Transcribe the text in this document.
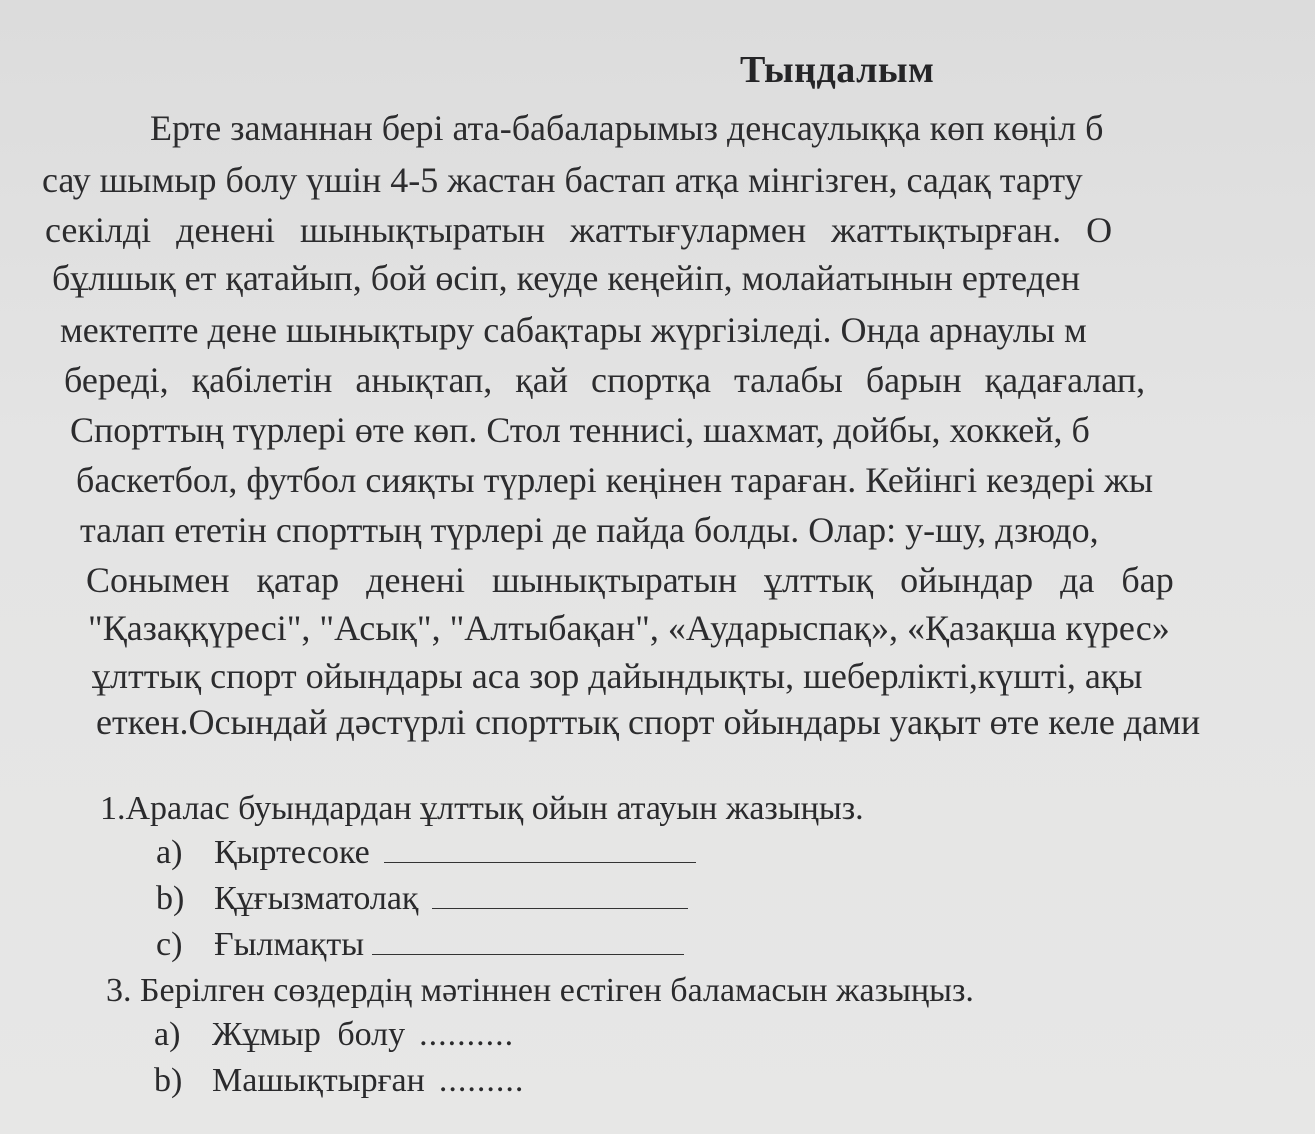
Тыңдалым
Ерте заманнан бері ата-бабаларымыз денсаулыққа көп көңіл б
сау шымыр болу үшін 4-5 жастан бастап атқа мінгізген, садақ тарту
секілді денені шынықтыратын жаттығулармен жаттықтырған. О
бұлшық ет қатайып, бой өсіп, кеуде кеңейіп, молайатынын ертеден
мектепте дене шынықтыру сабақтары жүргізіледі. Онда арнаулы м
береді, қабілетін анықтап, қай спортқа талабы барын қадағалап,
Спорттың түрлері өте көп. Стол теннисі, шахмат, дойбы, хоккей, б
баскетбол, футбол сияқты түрлері кеңінен тараған. Кейінгі кездері жы
талап ететін спорттың түрлері де пайда болды. Олар: у-шу, дзюдо,
Сонымен қатар денені шынықтыратын ұлттық ойындар да бар
"Қазаққүресі", "Асық", "Алтыбақан", «Аударыспақ», «Қазақша күрес»
ұлттық спорт ойындары аса зор дайындықты, шеберлікті,күшті, ақы
еткен.Осындай дәстүрлі спорттық спорт ойындары уақыт өте келе дами
1.Аралас буындардан ұлттық ойын атауын жазыңыз.
a) Қыртесоке
b) Құғызматолақ
c) Ғылмақты
3. Берілген сөздердің мәтіннен естіген баламасын жазыңыз.
a) Жұмыр болу ..........
b) Машықтырған .........
